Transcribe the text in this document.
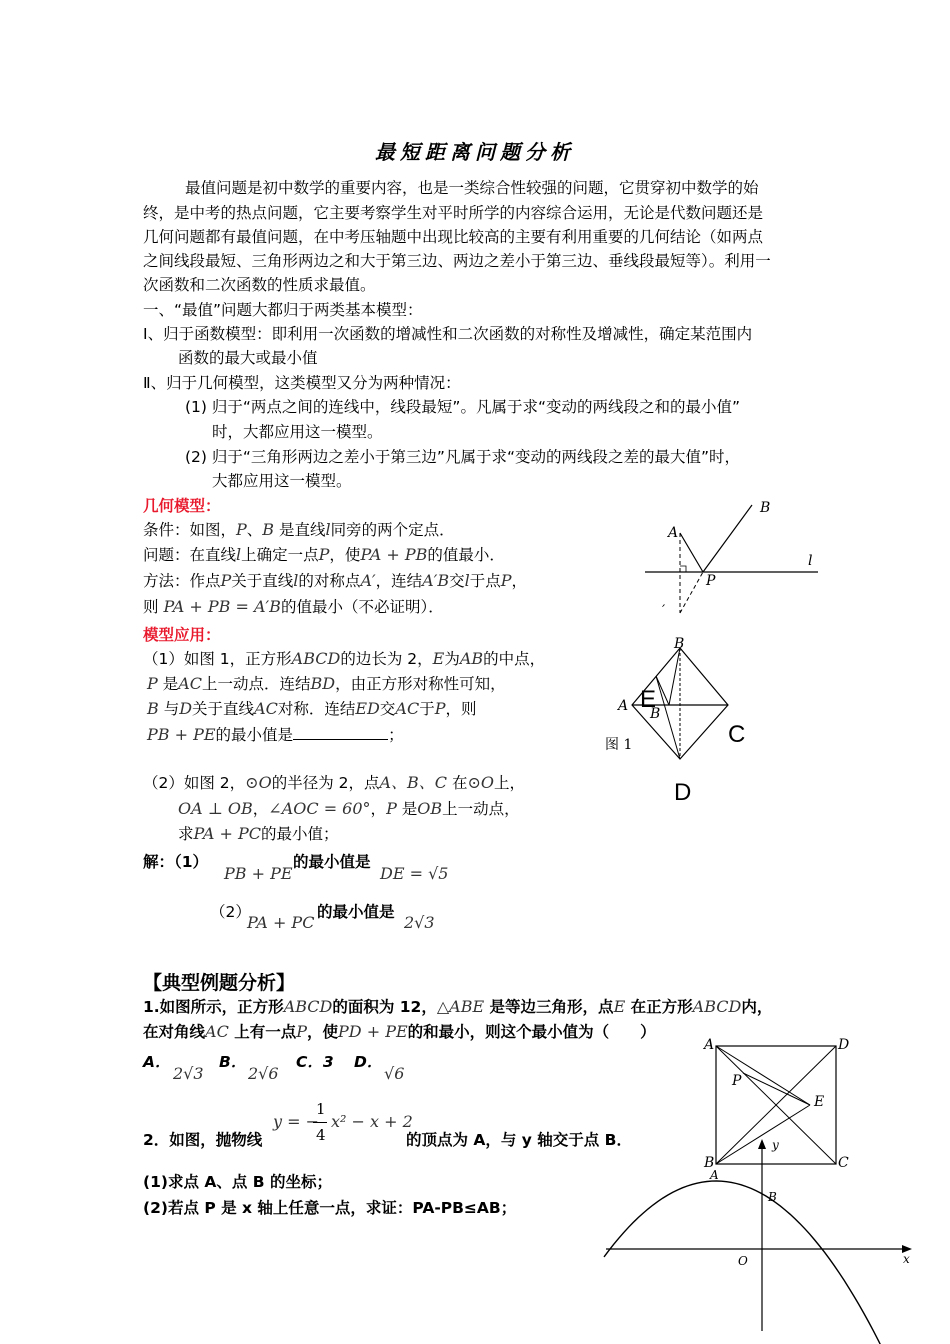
最短距离问题分析
最值问题是初中数学的重要内容，也是一类综合性较强的问题，它贯穿初中数学的始
终，是中考的热点问题，它主要考察学生对平时所学的内容综合运用，无论是代数问题还是
几何问题都有最值问题，在中考压轴题中出现比较高的主要有利用重要的几何结论（如两点
之间线段最短、三角形两边之和大于第三边、两边之差小于第三边、垂线段最短等）。利用一
次函数和二次函数的性质求最值。
一、“最值”问题大都归于两类基本模型：
Ⅰ、归于函数模型：即利用一次函数的增减性和二次函数的对称性及增减性，确定某范围内
函数的最大或最小值
Ⅱ、归于几何模型，这类模型又分为两种情况：
(1) 归于“两点之间的连线中，线段最短”。凡属于求“变动的两线段之和的最小值”
时，大都应用这一模型。
(2) 归于“三角形两边之差小于第三边”凡属于求“变动的两线段之差的最大值”时，
大都应用这一模型。
几何模型：
条件：如图，P、B 是直线l同旁的两个定点．
问题：在直线l上确定一点P，使PA + PB的值最小．
方法：作点P关于直线l的对称点A′，连结A′B交l于点P，
则 PA + PB = A′B的值最小（不必证明）．
A
B
P
l
′
模型应用：
（1）如图 1，正方形ABCD的边长为 2，E为AB的中点，
P 是AC上一动点．连结BD，由正方形对称性可知，
B 与D关于直线AC对称．连结ED交AC于P，则
PB + PE的最小值是	；
B
A B
E
C
D
图 1
（2）如图 2，⊙O的半径为 2，点A、B、C 在⊙O上，
OA ⊥ OB，∠AOC = 60°，P 是OB上一动点，
求PA + PC的最小值；
解：（1）
PB + PE
的最小值是
DE = √5
（2）
PA + PC
的最小值是
2√3
【典型例题分析】
1.如图所示，正方形ABCD的面积为 12，△ABE 是等边三角形，点E 在正方形ABCD内，
在对角线AC 上有一点P，使PD + PE的和最小，则这个最小值为（　　）
A．
2√3
B．
2√6
C．3 D．
√6
A	D
P
E
B	C
y = −
1
4
x² − x + 2
2．如图，抛物线	的顶点为 A，与 y 轴交于点 B．
(1)求点 A、点 B 的坐标；
(2)若点 P 是 x 轴上任意一点，求证：PA-PB≤AB；
y
A
B
O	x
